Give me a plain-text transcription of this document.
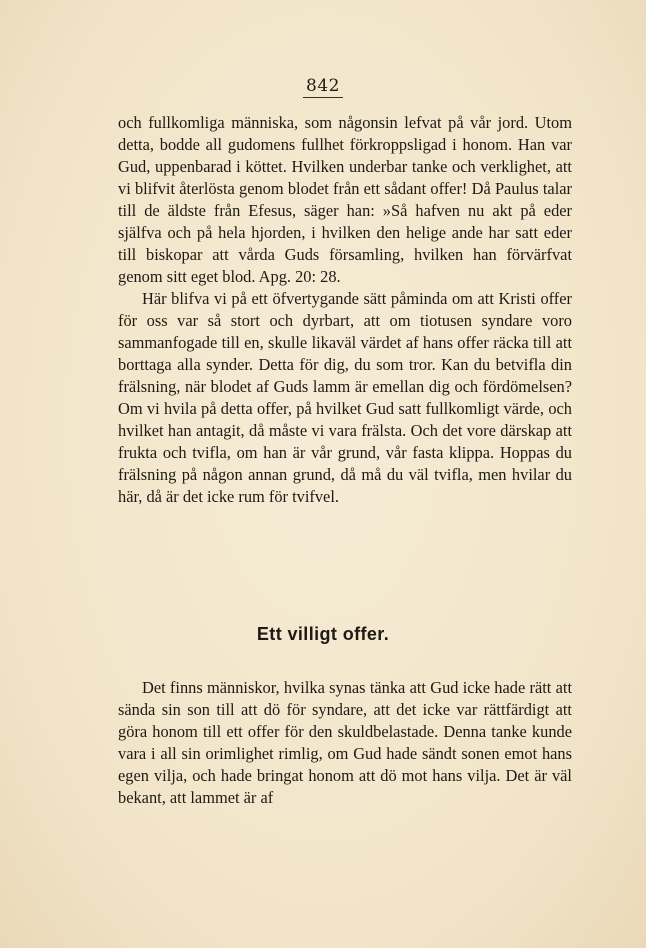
842

och fullkomliga människa, som någonsin lefvat på vår jord. Utom detta, bodde all gudomens fullhet förkroppsligad i honom. Han var Gud, uppenbarad i köttet. Hvilken underbar tanke och verklighet, att vi blifvit återlösta genom blodet från ett sådant offer! Då Paulus talar till de äldste från Efesus, säger han: »Så hafven nu akt på eder själfva och på hela hjorden, i hvilken den helige ande har satt eder till biskopar att vårda Guds församling, hvilken han förvärfvat genom sitt eget blod. Apg. 20: 28.

Här blifva vi på ett öfvertygande sätt påminda om att Kristi offer för oss var så stort och dyrbart, att om tiotusen syndare voro sammanfogade till en, skulle likaväl värdet af hans offer räcka till att borttaga alla synder. Detta för dig, du som tror. Kan du betvifla din frälsning, när blodet af Guds lamm är emellan dig och fördömelsen? Om vi hvila på detta offer, på hvilket Gud satt fullkomligt värde, och hvilket han antagit, då måste vi vara frälsta. Och det vore därskap att frukta och tvifla, om han är vår grund, vår fasta klippa. Hoppas du frälsning på någon annan grund, då må du väl tvifla, men hvilar du här, då är det icke rum för tvifvel.

Ett villigt offer.

Det finns människor, hvilka synas tänka att Gud icke hade rätt att sända sin son till att dö för syndare, att det icke var rättfärdigt att göra honom till ett offer för den skuldbelastade. Denna tanke kunde vara i all sin orimlighet rimlig, om Gud hade sändt sonen emot hans egen vilja, och hade bringat honom att dö mot hans vilja. Det är väl bekant, att lammet är af
